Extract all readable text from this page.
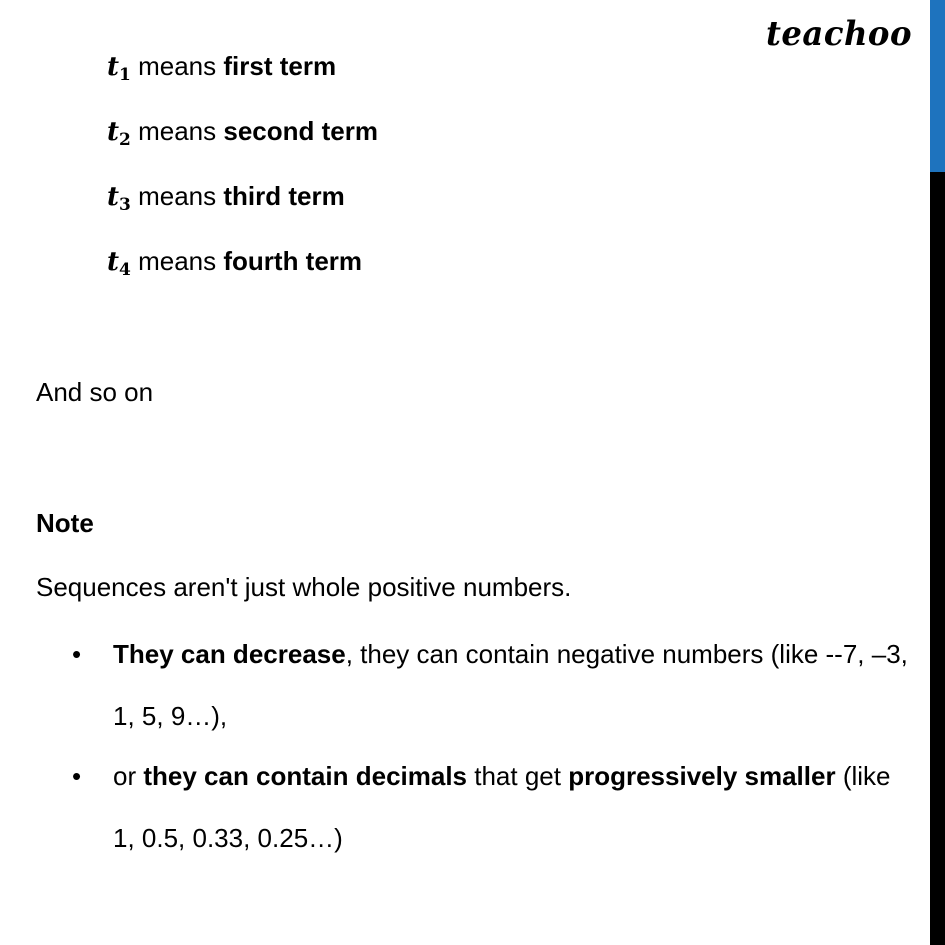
teachoo
$t_1$ means first term
$t_2$ means second term
$t_3$ means third term
$t_4$ means fourth term
And so on
Note
Sequences aren't just whole positive numbers.
• They can decrease, they can contain negative numbers (like --7, –3, 1, 5, 9…),
• or they can contain decimals that get progressively smaller (like 1, 0.5, 0.33, 0.25…)
